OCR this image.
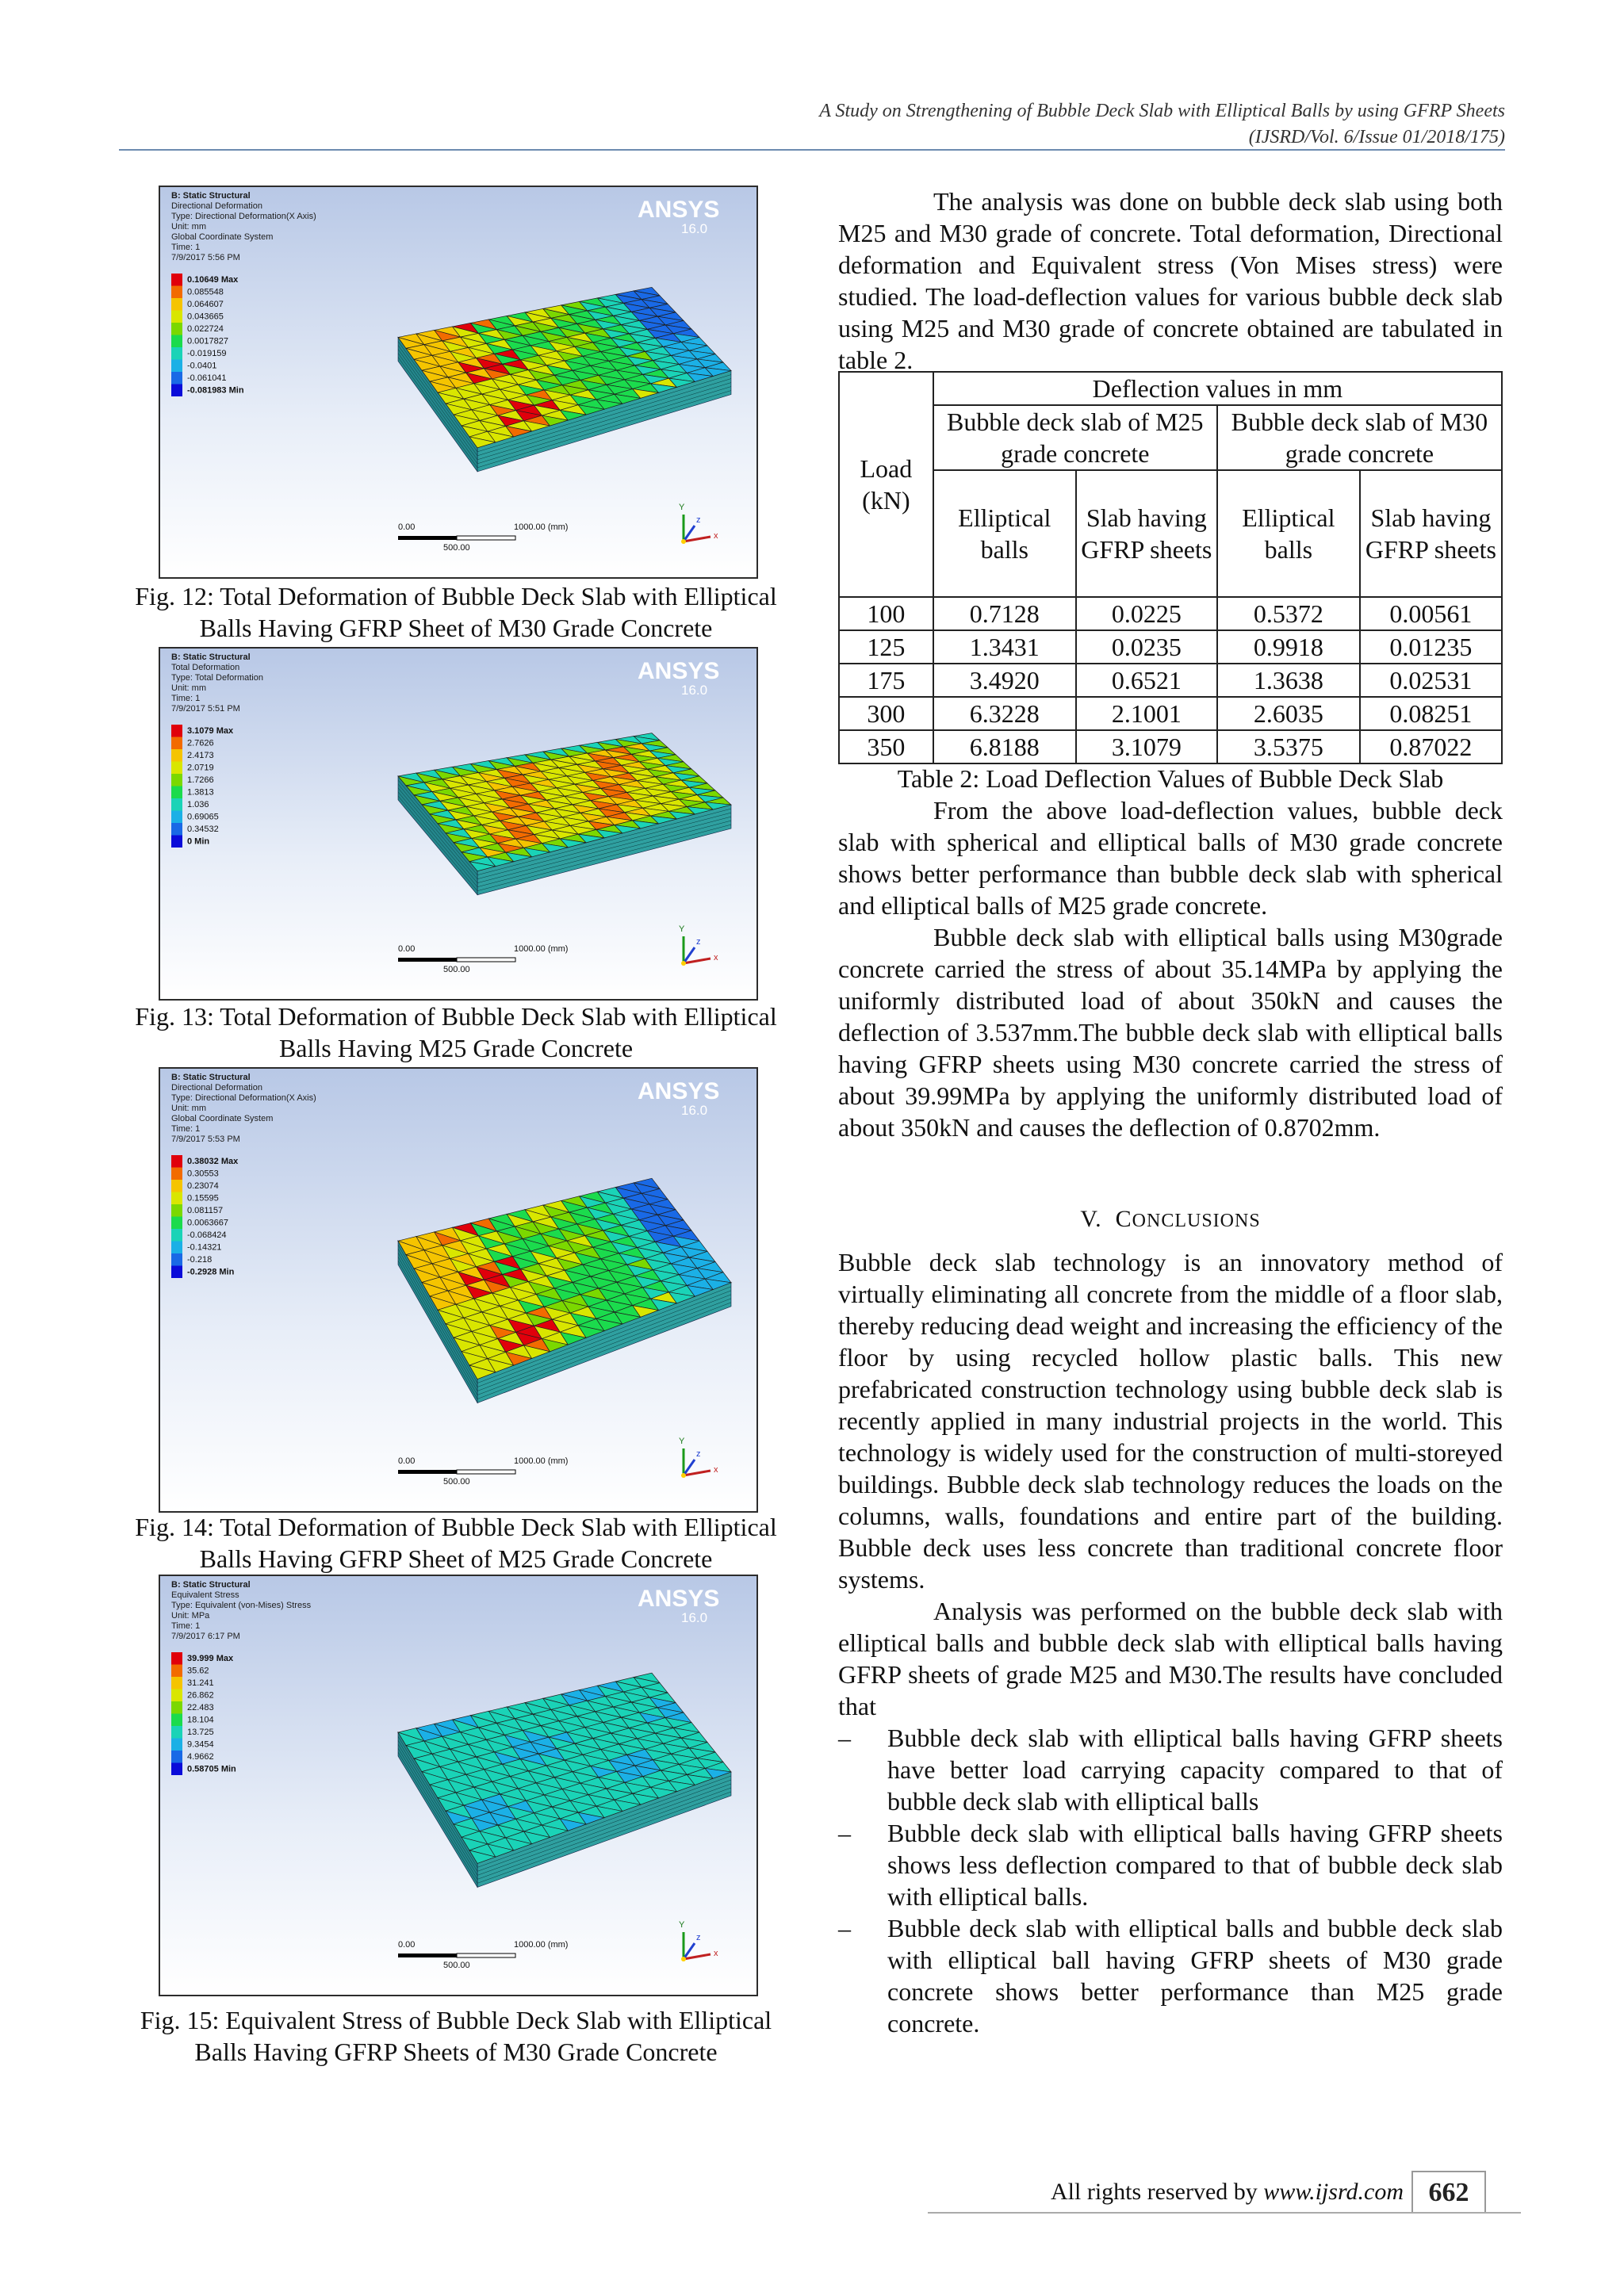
A Study on Strengthening of Bubble Deck Slab with Elliptical Balls by using GFRP Sheets
(IJSRD/Vol. 6/Issue 01/2018/175)
B: Static Structural
Directional Deformation
Type: Directional Deformation(X Axis)
Unit: mm
Global Coordinate System
Time: 1
7/9/2017 5:56 PM
ANSYS
16.0
0.10649 Max
0.085548
0.064607
0.043665
0.022724
0.0017827
-0.019159
-0.0401
-0.061041
-0.081983 Min
0.00	1000.00 (mm)
500.00
Y
x
z
Fig. 12: Total Deformation of Bubble Deck Slab with Elliptical Balls Having GFRP Sheet of M30 Grade Concrete
B: Static Structural
Total Deformation
Type: Total Deformation
Unit: mm
Time: 1
7/9/2017 5:51 PM
ANSYS
16.0
3.1079 Max
2.7626
2.4173
2.0719
1.7266
1.3813
1.036
0.69065
0.34532
0 Min
0.00	1000.00 (mm)
500.00
Y
x
z
Fig. 13: Total Deformation of Bubble Deck Slab with Elliptical Balls Having M25 Grade Concrete
B: Static Structural
Directional Deformation
Type: Directional Deformation(X Axis)
Unit: mm
Global Coordinate System
Time: 1
7/9/2017 5:53 PM
ANSYS
16.0
0.38032 Max
0.30553
0.23074
0.15595
0.081157
0.0063667
-0.068424
-0.14321
-0.218
-0.2928 Min
0.00	1000.00 (mm)
500.00
Y
x
z
Fig. 14: Total Deformation of Bubble Deck Slab with Elliptical Balls Having GFRP Sheet of M25 Grade Concrete
B: Static Structural
Equivalent Stress
Type: Equivalent (von-Mises) Stress
Unit: MPa
Time: 1
7/9/2017 6:17 PM
ANSYS
16.0
39.999 Max
35.62
31.241
26.862
22.483
18.104
13.725
9.3454
4.9662
0.58705 Min
0.00	1000.00 (mm)
500.00
Y
x
z
Fig. 15: Equivalent Stress of Bubble Deck Slab with Elliptical Balls Having GFRP Sheets of M30 Grade Concrete

The analysis was done on bubble deck slab using both M25 and M30 grade of concrete. Total deformation, Directional deformation and Equivalent stress (Von Mises stress) were studied. The load-deflection values for various bubble deck slab using M25 and M30 grade of concrete obtained are tabulated in table 2.

Load (kN)	Deflection values in mm			
	Bubble deck slab of M25 grade concrete		Bubble deck slab of M30 grade concrete	
	Elliptical balls	Slab having GFRP sheets	Elliptical balls	Slab having GFRP sheets
100	0.7128	0.0225	0.5372	0.00561
125	1.3431	0.0235	0.9918	0.01235
175	3.4920	0.6521	1.3638	0.02531
300	6.3228	2.1001	2.6035	0.08251
350	6.8188	3.1079	3.5375	0.87022
Table 2: Load Deflection Values of Bubble Deck Slab

From the above load-deflection values, bubble deck slab with spherical and elliptical balls of M30 grade concrete shows better performance than bubble deck slab with spherical and elliptical balls of M25 grade concrete.

Bubble deck slab with elliptical balls using M30grade concrete carried the stress of about 35.14MPa by applying the uniformly distributed load of about 350kN and causes the deflection of 3.537mm.The bubble deck slab with elliptical balls having GFRP sheets using M30 concrete carried the stress of about 39.99MPa by applying the uniformly distributed load of about 350kN and causes the deflection of 0.8702mm.

V. CONCLUSIONS

Bubble deck slab technology is an innovatory method of virtually eliminating all concrete from the middle of a floor slab, thereby reducing dead weight and increasing the efficiency of the floor by using recycled hollow plastic balls. This new prefabricated construction technology using bubble deck slab is recently applied in many industrial projects in the world. This technology is widely used for the construction of multi-storeyed buildings. Bubble deck slab technology reduces the loads on the columns, walls, foundations and entire part of the building. Bubble deck uses less concrete than traditional concrete floor systems.

Analysis was performed on the bubble deck slab with elliptical balls and bubble deck slab with elliptical balls having GFRP sheets of grade M25 and M30.The results have concluded that

– Bubble deck slab with elliptical balls having GFRP sheets have better load carrying capacity compared to that of bubble deck slab with elliptical balls
– Bubble deck slab with elliptical balls having GFRP sheets shows less deflection compared to that of bubble deck slab with elliptical balls.
– Bubble deck slab with elliptical balls and bubble deck slab with elliptical ball having GFRP sheets of M30 grade concrete shows better performance than M25 grade concrete.
All rights reserved by www.ijsrd.com 662
